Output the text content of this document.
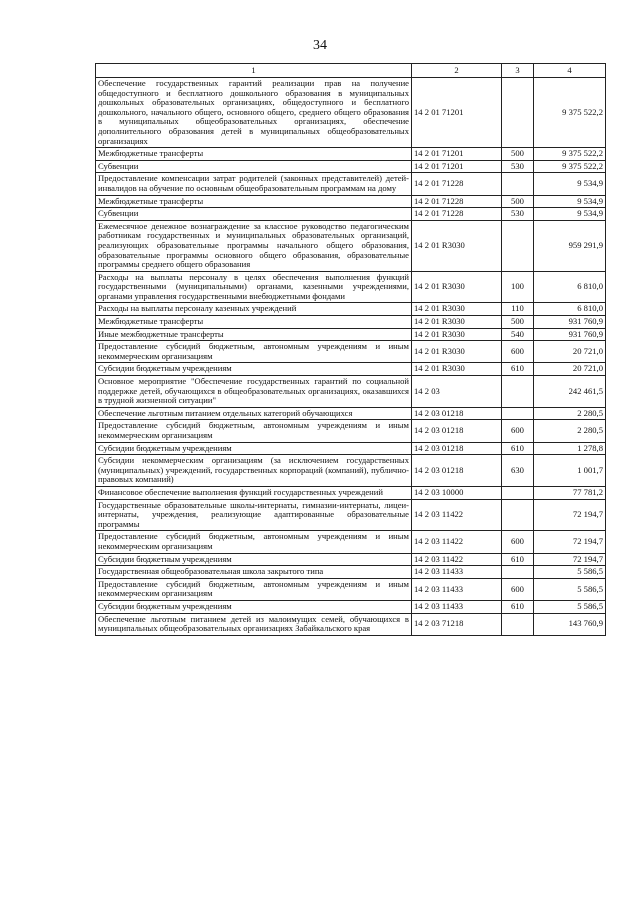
34
1	2	3	4
Обеспечение государственных гарантий реализации прав на получение общедоступного и бесплатного дошкольного образования в муниципальных дошкольных образовательных организациях, общедоступного и бесплатного дошкольного, начального общего, основного общего, среднего общего образования в муниципальных общеобразовательных организациях, обеспечение дополнительного образования детей в муниципальных общеобразовательных организациях	14 2 01 71201		9 375 522,2
Межбюджетные трансферты	14 2 01 71201	500	9 375 522,2
Субвенции	14 2 01 71201	530	9 375 522,2
Предоставление компенсации затрат родителей (законных представителей) детей-инвалидов на обучение по основным общеобразовательным программам на дому	14 2 01 71228		9 534,9
Межбюджетные трансферты	14 2 01 71228	500	9 534,9
Субвенции	14 2 01 71228	530	9 534,9
Ежемесячное денежное вознаграждение за классное руководство педагогическим работникам государственных и муниципальных образовательных организаций, реализующих образовательные программы начального общего образования, образовательные программы основного общего образования, образовательные программы среднего общего образования	14 2 01 R3030		959 291,9
Расходы на выплаты персоналу в целях обеспечения выполнения функций государственными (муниципальными) органами, казенными учреждениями, органами управления государственными внебюджетными фондами	14 2 01 R3030	100	6 810,0
Расходы на выплаты персоналу казенных учреждений	14 2 01 R3030	110	6 810,0
Межбюджетные трансферты	14 2 01 R3030	500	931 760,9
Иные межбюджетные трансферты	14 2 01 R3030	540	931 760,9
Предоставление субсидий бюджетным, автономным учреждениям и иным некоммерческим организациям	14 2 01 R3030	600	20 721,0
Субсидии бюджетным учреждениям	14 2 01 R3030	610	20 721,0
Основное мероприятие "Обеспечение государственных гарантий по социальной поддержке детей, обучающихся в общеобразовательных организациях, оказавшихся в трудной жизненной ситуации"	14 2 03		242 461,5
Обеспечение льготным питанием отдельных категорий обучающихся	14 2 03 01218		2 280,5
Предоставление субсидий бюджетным, автономным учреждениям и иным некоммерческим организациям	14 2 03 01218	600	2 280,5
Субсидии бюджетным учреждениям	14 2 03 01218	610	1 278,8
Субсидии некоммерческим организациям (за исключением государственных (муниципальных) учреждений, государственных корпораций (компаний), публично-правовых компаний)	14 2 03 01218	630	1 001,7
Финансовое обеспечение выполнения функций государственных учреждений	14 2 03 10000		77 781,2
Государственные образовательные школы-интернаты, гимназии-интернаты, лицеи-интернаты, учреждения, реализующие адаптированные образовательные программы	14 2 03 11422		72 194,7
Предоставление субсидий бюджетным, автономным учреждениям и иным некоммерческим организациям	14 2 03 11422	600	72 194,7
Субсидии бюджетным учреждениям	14 2 03 11422	610	72 194,7
Государственная общеобразовательная школа закрытого типа	14 2 03 11433		5 586,5
Предоставление субсидий бюджетным, автономным учреждениям и иным некоммерческим организациям	14 2 03 11433	600	5 586,5
Субсидии бюджетным учреждениям	14 2 03 11433	610	5 586,5
Обеспечение льготным питанием детей из малоимущих семей, обучающихся в муниципальных общеобразовательных организациях Забайкальского края	14 2 03 71218		143 760,9
